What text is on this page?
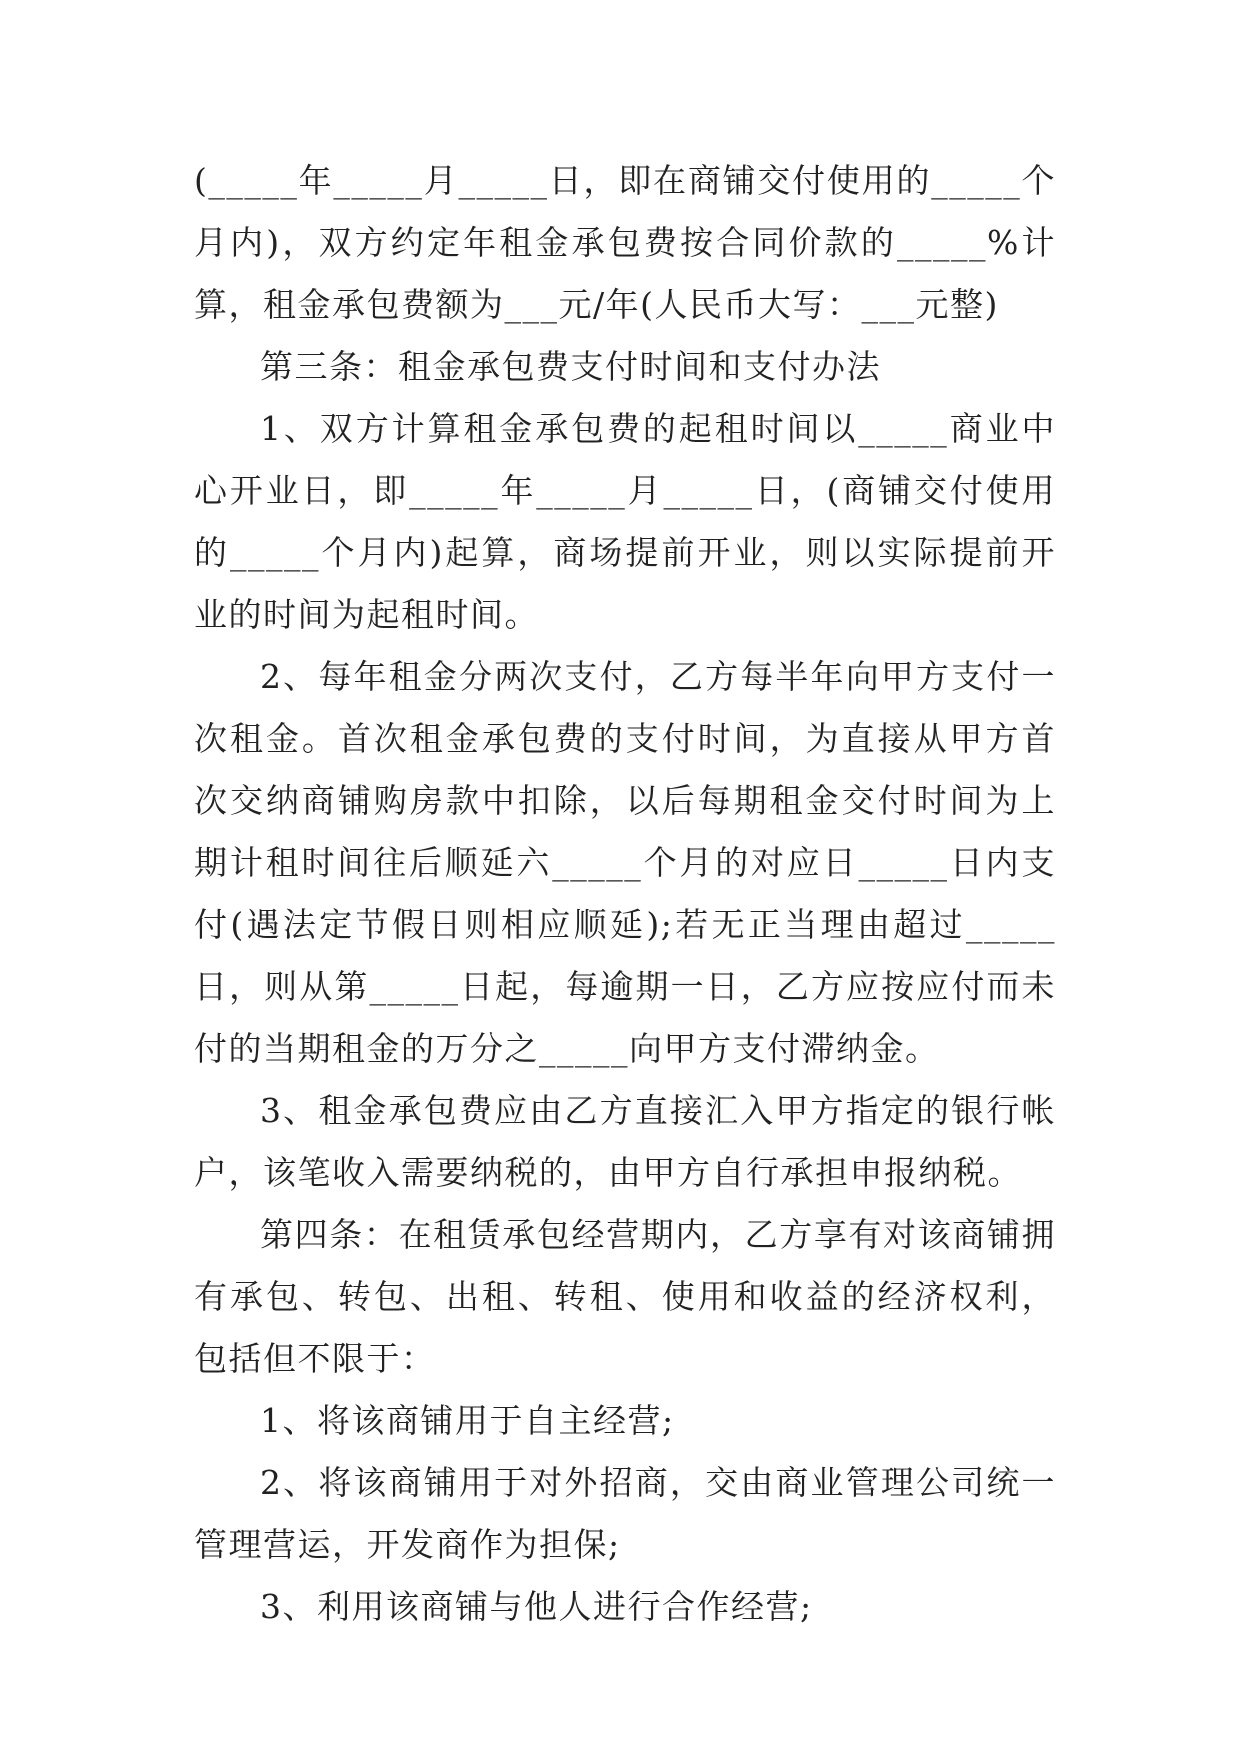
(_____年_____月_____日，即在商铺交付使用的_____个月内)，双方约定年租金承包费按合同价款的_____%计算，租金承包费额为___元/年(人民币大写：___元整)

第三条：租金承包费支付时间和支付办法

1、双方计算租金承包费的起租时间以_____商业中心开业日，即_____年_____月_____日，(商铺交付使用的_____个月内)起算，商场提前开业，则以实际提前开业的时间为起租时间。

2、每年租金分两次支付，乙方每半年向甲方支付一次租金。首次租金承包费的支付时间，为直接从甲方首次交纳商铺购房款中扣除，以后每期租金交付时间为上期计租时间往后顺延六_____个月的对应日_____日内支付(遇法定节假日则相应顺延);若无正当理由超过_____日，则从第_____日起，每逾期一日，乙方应按应付而未付的当期租金的万分之_____向甲方支付滞纳金。

3、租金承包费应由乙方直接汇入甲方指定的银行帐户，该笔收入需要纳税的，由甲方自行承担申报纳税。

第四条：在租赁承包经营期内，乙方享有对该商铺拥有承包、转包、出租、转租、使用和收益的经济权利，包括但不限于：

1、将该商铺用于自主经营;

2、将该商铺用于对外招商，交由商业管理公司统一管理营运，开发商作为担保;

3、利用该商铺与他人进行合作经营;
